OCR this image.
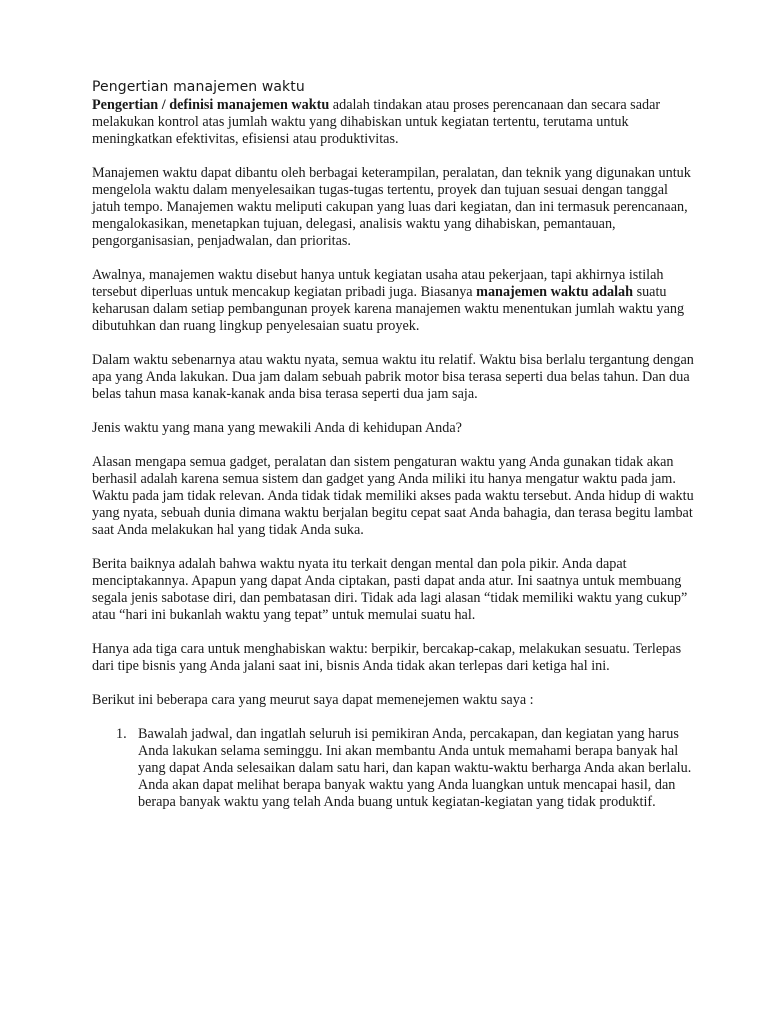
Pengertian manajemen waktu

Pengertian / definisi manajemen waktu adalah tindakan atau proses perencanaan dan secara sadar melakukan kontrol atas jumlah waktu yang dihabiskan untuk kegiatan tertentu, terutama untuk meningkatkan efektivitas, efisiensi atau produktivitas.

Manajemen waktu dapat dibantu oleh berbagai keterampilan, peralatan, dan teknik yang digunakan untuk mengelola waktu dalam menyelesaikan tugas-tugas tertentu, proyek dan tujuan sesuai dengan tanggal jatuh tempo. Manajemen waktu meliputi cakupan yang luas dari kegiatan, dan ini termasuk perencanaan, mengalokasikan, menetapkan tujuan, delegasi, analisis waktu yang dihabiskan, pemantauan, pengorganisasian, penjadwalan, dan prioritas.

Awalnya, manajemen waktu disebut hanya untuk kegiatan usaha atau pekerjaan, tapi akhirnya istilah tersebut diperluas untuk mencakup kegiatan pribadi juga. Biasanya manajemen waktu adalah suatu keharusan dalam setiap pembangunan proyek karena manajemen waktu menentukan jumlah waktu yang dibutuhkan dan ruang lingkup penyelesaian suatu proyek.

Dalam waktu sebenarnya atau waktu nyata, semua waktu itu relatif. Waktu bisa berlalu tergantung dengan apa yang Anda lakukan. Dua jam dalam sebuah pabrik motor bisa terasa seperti dua belas tahun. Dan dua belas tahun masa kanak-kanak anda bisa terasa seperti dua jam saja.

Jenis waktu yang mana yang mewakili Anda di kehidupan Anda?

Alasan mengapa semua gadget, peralatan dan sistem pengaturan waktu yang Anda gunakan tidak akan berhasil adalah karena semua sistem dan gadget yang Anda miliki itu hanya mengatur waktu pada jam. Waktu pada jam tidak relevan. Anda tidak tidak memiliki akses pada waktu tersebut. Anda hidup di waktu yang nyata, sebuah dunia dimana waktu berjalan begitu cepat saat Anda bahagia, dan terasa begitu lambat saat Anda melakukan hal yang tidak Anda suka.

Berita baiknya adalah bahwa waktu nyata itu terkait dengan mental dan pola pikir. Anda dapat menciptakannya. Apapun yang dapat Anda ciptakan, pasti dapat anda atur. Ini saatnya untuk membuang segala jenis sabotase diri, dan pembatasan diri. Tidak ada lagi alasan “tidak memiliki waktu yang cukup” atau “hari ini bukanlah waktu yang tepat” untuk memulai suatu hal.

Hanya ada tiga cara untuk menghabiskan waktu: berpikir, bercakap-cakap, melakukan sesuatu. Terlepas dari tipe bisnis yang Anda jalani saat ini, bisnis Anda tidak akan terlepas dari ketiga hal ini.

Berikut ini beberapa cara yang meurut saya dapat memenejemen waktu saya :

1. Bawalah jadwal, dan ingatlah seluruh isi pemikiran Anda, percakapan, dan kegiatan yang harus Anda lakukan selama seminggu. Ini akan membantu Anda untuk memahami berapa banyak hal yang dapat Anda selesaikan dalam satu hari, dan kapan waktu-waktu berharga Anda akan berlalu. Anda akan dapat melihat berapa banyak waktu yang Anda luangkan untuk mencapai hasil, dan berapa banyak waktu yang telah Anda buang untuk kegiatan-kegiatan yang tidak produktif.
